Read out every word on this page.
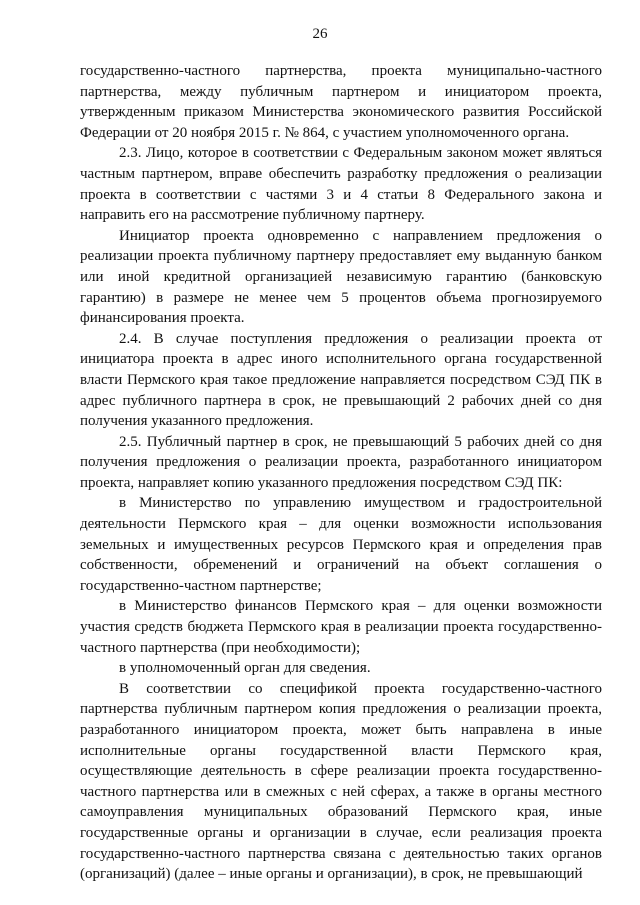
26

государственно-частного партнерства, проекта муниципально-частного партнерства, между публичным партнером и инициатором проекта, утвержденным приказом Министерства экономического развития Российской Федерации от 20 ноября 2015 г. № 864, с участием уполномоченного органа.

2.3. Лицо, которое в соответствии с Федеральным законом может являться частным партнером, вправе обеспечить разработку предложения о реализации проекта в соответствии с частями 3 и 4 статьи 8 Федерального закона и направить его на рассмотрение публичному партнеру.

Инициатор проекта одновременно с направлением предложения о реализации проекта публичному партнеру предоставляет ему выданную банком или иной кредитной организацией независимую гарантию (банковскую гарантию) в размере не менее чем 5 процентов объема прогнозируемого финансирования проекта.

2.4. В случае поступления предложения о реализации проекта от инициатора проекта в адрес иного исполнительного органа государственной власти Пермского края такое предложение направляется посредством СЭД ПК в адрес публичного партнера в срок, не превышающий 2 рабочих дней со дня получения указанного предложения.

2.5. Публичный партнер в срок, не превышающий 5 рабочих дней со дня получения предложения о реализации проекта, разработанного инициатором проекта, направляет копию указанного предложения посредством СЭД ПК:

в Министерство по управлению имуществом и градостроительной деятельности Пермского края – для оценки возможности использования земельных и имущественных ресурсов Пермского края и определения прав собственности, обременений и ограничений на объект соглашения о государственно-частном партнерстве;

в Министерство финансов Пермского края – для оценки возможности участия средств бюджета Пермского края в реализации проекта государственно-частного партнерства (при необходимости);

в уполномоченный орган для сведения.

В соответствии со спецификой проекта государственно-частного партнерства публичным партнером копия предложения о реализации проекта, разработанного инициатором проекта, может быть направлена в иные исполнительные органы государственной власти Пермского края, осуществляющие деятельность в сфере реализации проекта государственно-частного партнерства или в смежных с ней сферах, а также в органы местного самоуправления муниципальных образований Пермского края, иные государственные органы и организации в случае, если реализация проекта государственно-частного партнерства связана с деятельностью таких органов (организаций) (далее – иные органы и организации), в срок, не превышающий
